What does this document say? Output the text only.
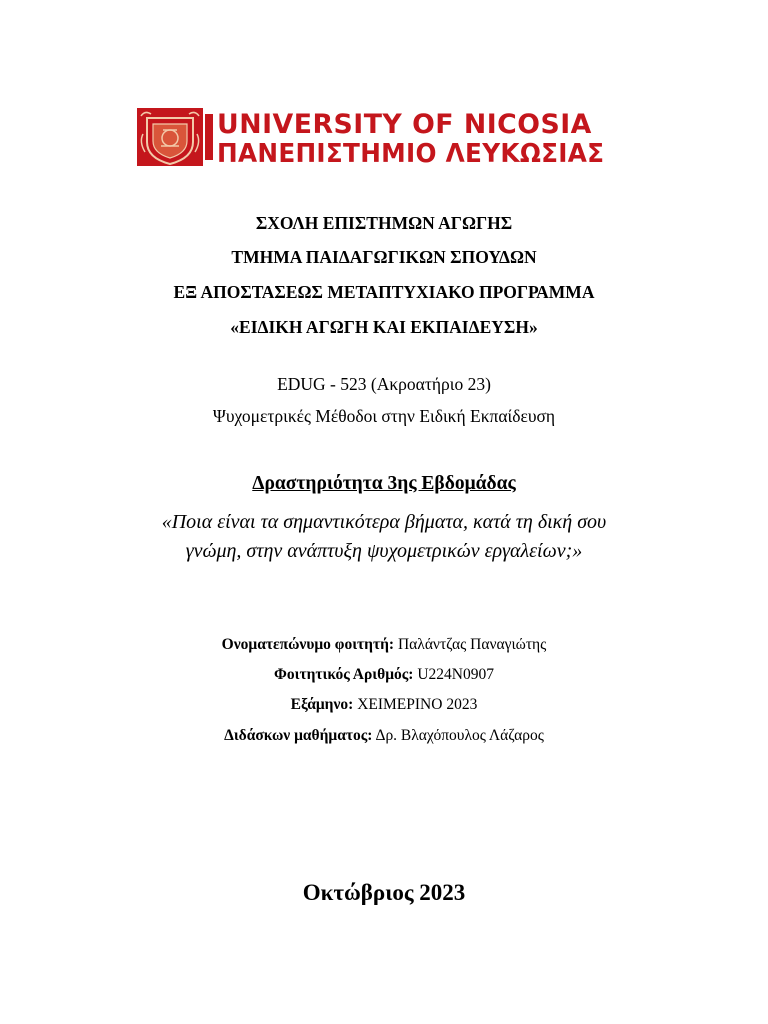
UNIVERSITY OF NICOSIA
ΠΑΝΕΠΙΣΤΗΜΙΟ ΛΕΥΚΩΣΙΑΣ
ΣΧΟΛΗ ΕΠΙΣΤΗΜΩΝ ΑΓΩΓΗΣ
ΤΜΗΜΑ ΠΑΙΔΑΓΩΓΙΚΩΝ ΣΠΟΥΔΩΝ
ΕΞ ΑΠΟΣΤΑΣΕΩΣ ΜΕΤΑΠΤΥΧΙΑΚΟ ΠΡΟΓΡΑΜΜΑ
«ΕΙΔΙΚΗ ΑΓΩΓΗ ΚΑΙ ΕΚΠΑΙΔΕΥΣΗ»
EDUG - 523 (Ακροατήριο 23)
Ψυχομετρικές Μέθοδοι στην Ειδική Εκπαίδευση
Δραστηριότητα 3ης Εβδομάδας
«Ποια είναι τα σημαντικότερα βήματα, κατά τη δική σου
γνώμη, στην ανάπτυξη ψυχομετρικών εργαλείων;»
Ονοματεπώνυμο φοιτητή: Παλάντζας Παναγιώτης
Φοιτητικός Αριθμός: U224N0907
Εξάμηνο: ΧΕΙΜΕΡΙΝΟ 2023
Διδάσκων μαθήματος: Δρ. Βλαχόπουλος Λάζαρος
Οκτώβριος 2023
